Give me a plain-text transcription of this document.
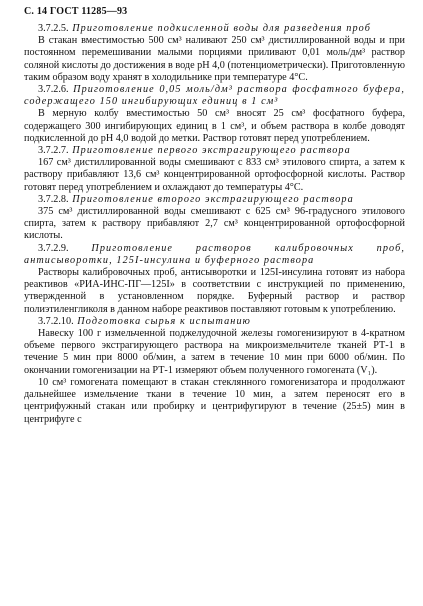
С. 14 ГОСТ 11285—93

3.7.2.5. Приготовление подкисленной воды для разведения проб

В стакан вместимостью 500 см³ наливают 250 см³ дистиллированной воды и при постоянном перемешивании малыми порциями приливают 0,01 моль/дм³ раствор соляной кислоты до достижения в воде pH 4,0 (потенциометрически). Приготовленную таким образом воду хранят в холодильнике при температуре 4°С.

3.7.2.6. Приготовление 0,05 моль/дм³ раствора фосфатного буфера, содержащего 150 ингибирующих единиц в 1 см³

В мерную колбу вместимостью 50 см³ вносят 25 см³ фосфатного буфера, содержащего 300 ингибирующих единиц в 1 см³, и объем раствора в колбе доводят подкисленной до pH 4,0 водой до метки. Раствор готовят перед употреблением.

3.7.2.7. Приготовление первого экстрагирующего раствора

167 см³ дистиллированной воды смешивают с 833 см³ этилового спирта, а затем к раствору прибавляют 13,6 см³ концентрированной ортофосфорной кислоты. Раствор готовят перед употреблением и охлаждают до температуры 4°С.

3.7.2.8. Приготовление второго экстрагирующего раствора

375 см³ дистиллированной воды смешивают с 625 см³ 96-градусного этилового спирта, затем к раствору прибавляют 2,7 см³ концентрированной ортофосфорной кислоты.

3.7.2.9. Приготовление растворов калибровочных проб, антисыворотки, 125I-инсулина и буферного раствора

Растворы калибровочных проб, антисыворотки и 125I-инсулина готовят из набора реактивов «РИА-ИНС-ПГ—125I» в соответствии с инструкцией по применению, утвержденной в установленном порядке. Буферный раствор и раствор полиэтиленгликоля в данном наборе реактивов поставляют готовым к употреблению.

3.7.2.10. Подготовка сырья к испытанию

Навеску 100 г измельченной поджелудочной железы гомогенизируют в 4-кратном объеме первого экстрагирующего раствора на микроизмельчителе тканей РТ-1 в течение 5 мин при 8000 об/мин, а затем в течение 10 мин при 6000 об/мин. По окончании гомогенизации на РТ-1 измеряют объем полученного гомогената (V₁).

10 см³ гомогената помещают в стакан стеклянного гомогенизатора и продолжают дальнейшее измельчение ткани в течение 10 мин, а затем переносят его в центрифужный стакан или пробирку и центрифугируют в течение (25±5) мин в центрифуге с
